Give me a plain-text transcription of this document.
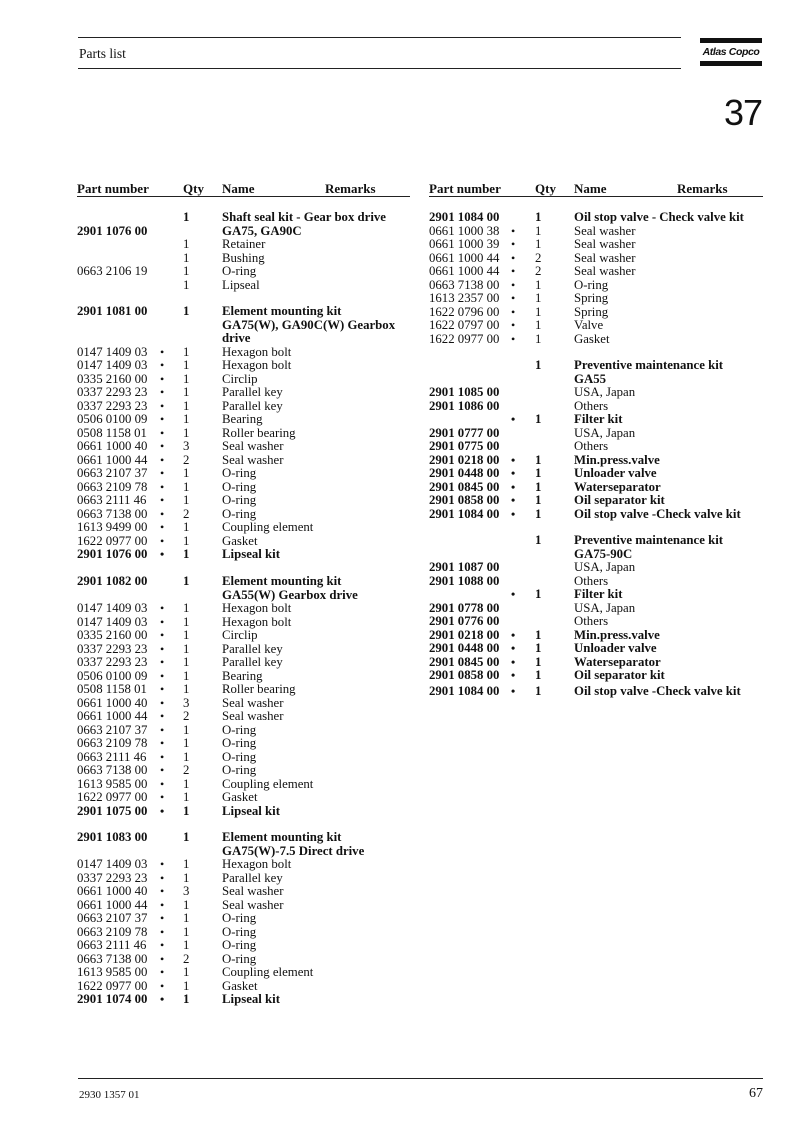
Parts list	Atlas Copco
37
Part number	Qty Name	Remarks
1	Shaft seal kit - Gear box drive
2901 1076 00	GA75, GA90C
1	Retainer
1	Bushing
0663 2106 19	1	O-ring
1	Lipseal
2901 1081 00	1	Element mounting kit
GA75(W), GA90C(W) Gearbox
drive
0147 1409 03 • 1	Hexagon bolt
0147 1409 03 • 1	Hexagon bolt
0335 2160 00 • 1	Circlip
0337 2293 23 • 1	Parallel key
0337 2293 23 • 1	Parallel key
0506 0100 09 • 1	Bearing
0508 1158 01 • 1	Roller bearing
0661 1000 40 • 3	Seal washer
0661 1000 44 • 2	Seal washer
0663 2107 37 • 1	O-ring
0663 2109 78 • 1	O-ring
0663 2111 46 • 1	O-ring
0663 7138 00 • 2	O-ring
1613 9499 00 • 1	Coupling element
1622 0977 00 • 1	Gasket
2901 1076 00 • 1	Lipseal kit
2901 1082 00	1	Element mounting kit
GA55(W) Gearbox drive
0147 1409 03 • 1	Hexagon bolt
0147 1409 03 • 1	Hexagon bolt
0335 2160 00 • 1	Circlip
0337 2293 23 • 1	Parallel key
0337 2293 23 • 1	Parallel key
0506 0100 09 • 1	Bearing
0508 1158 01 • 1	Roller bearing
0661 1000 40 • 3	Seal washer
0661 1000 44 • 2	Seal washer
0663 2107 37 • 1	O-ring
0663 2109 78 • 1	O-ring
0663 2111 46 • 1	O-ring
0663 7138 00 • 2	O-ring
1613 9585 00 • 1	Coupling element
1622 0977 00 • 1	Gasket
2901 1075 00 • 1	Lipseal kit
2901 1083 00	1	Element mounting kit
GA75(W)-7.5 Direct drive
0147 1409 03 • 1	Hexagon bolt
0337 2293 23 • 1	Parallel key
0661 1000 40 • 3	Seal washer
0661 1000 44 • 1	Seal washer
0663 2107 37 • 1	O-ring
0663 2109 78 • 1	O-ring
0663 2111 46 • 1	O-ring
0663 7138 00 • 2	O-ring
1613 9585 00 • 1	Coupling element
1622 0977 00 • 1	Gasket
2901 1074 00 • 1	Lipseal kit
Part number	Qty Name	Remarks
2901 1084 00	1	Oil stop valve - Check valve kit
0661 1000 38 • 1	Seal washer
0661 1000 39 • 1	Seal washer
0661 1000 44 • 2	Seal washer
0661 1000 44 • 2	Seal washer
0663 7138 00 • 1	O-ring
1613 2357 00 • 1	Spring
1622 0796 00 • 1	Spring
1622 0797 00 • 1	Valve
1622 0977 00 • 1	Gasket
1	Preventive maintenance kit
GA55
2901 1085 00	USA, Japan
2901 1086 00	Others
• 1	Filter kit
2901 0777 00	USA, Japan
2901 0775 00	Others
2901 0218 00 • 1	Min.press.valve
2901 0448 00 • 1	Unloader valve
2901 0845 00 • 1	Waterseparator
2901 0858 00 • 1	Oil separator kit
2901 1084 00 • 1	Oil stop valve -Check valve kit
1	Preventive maintenance kit
GA75-90C
2901 1087 00	USA, Japan
2901 1088 00	Others
• 1	Filter kit
2901 0778 00	USA, Japan
2901 0776 00	Others
2901 0218 00 • 1	Min.press.valve
2901 0448 00 • 1	Unloader valve
2901 0845 00 • 1	Waterseparator
2901 0858 00 • 1	Oil separator kit
2901 1084 00 • 1	Oil stop valve -Check valve kit
2930 1357 01	67
